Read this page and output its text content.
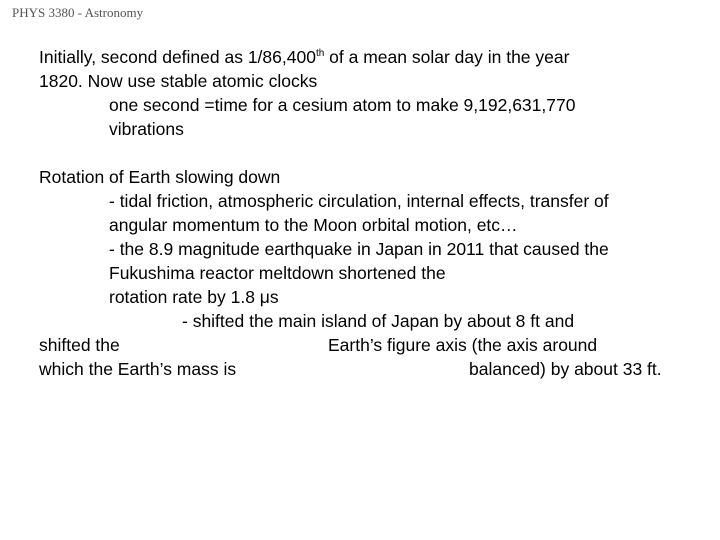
PHYS 3380 - Astronomy
Initially, second defined as 1/86,400th of a mean solar day in the year
1820. Now use stable atomic clocks
one second =time for a cesium atom to make 9,192,631,770
vibrations
Rotation of Earth slowing down
- tidal friction, atmospheric circulation, internal effects, transfer of
angular momentum to the Moon orbital motion, etc…
- the 8.9 magnitude earthquake in Japan in 2011 that caused the
Fukushima reactor meltdown shortened the
rotation rate by 1.8 μs
- shifted the main island of Japan by about 8 ft and
shifted the	Earth’s figure axis (the axis around
which the Earth’s mass is	balanced) by about 33 ft.
